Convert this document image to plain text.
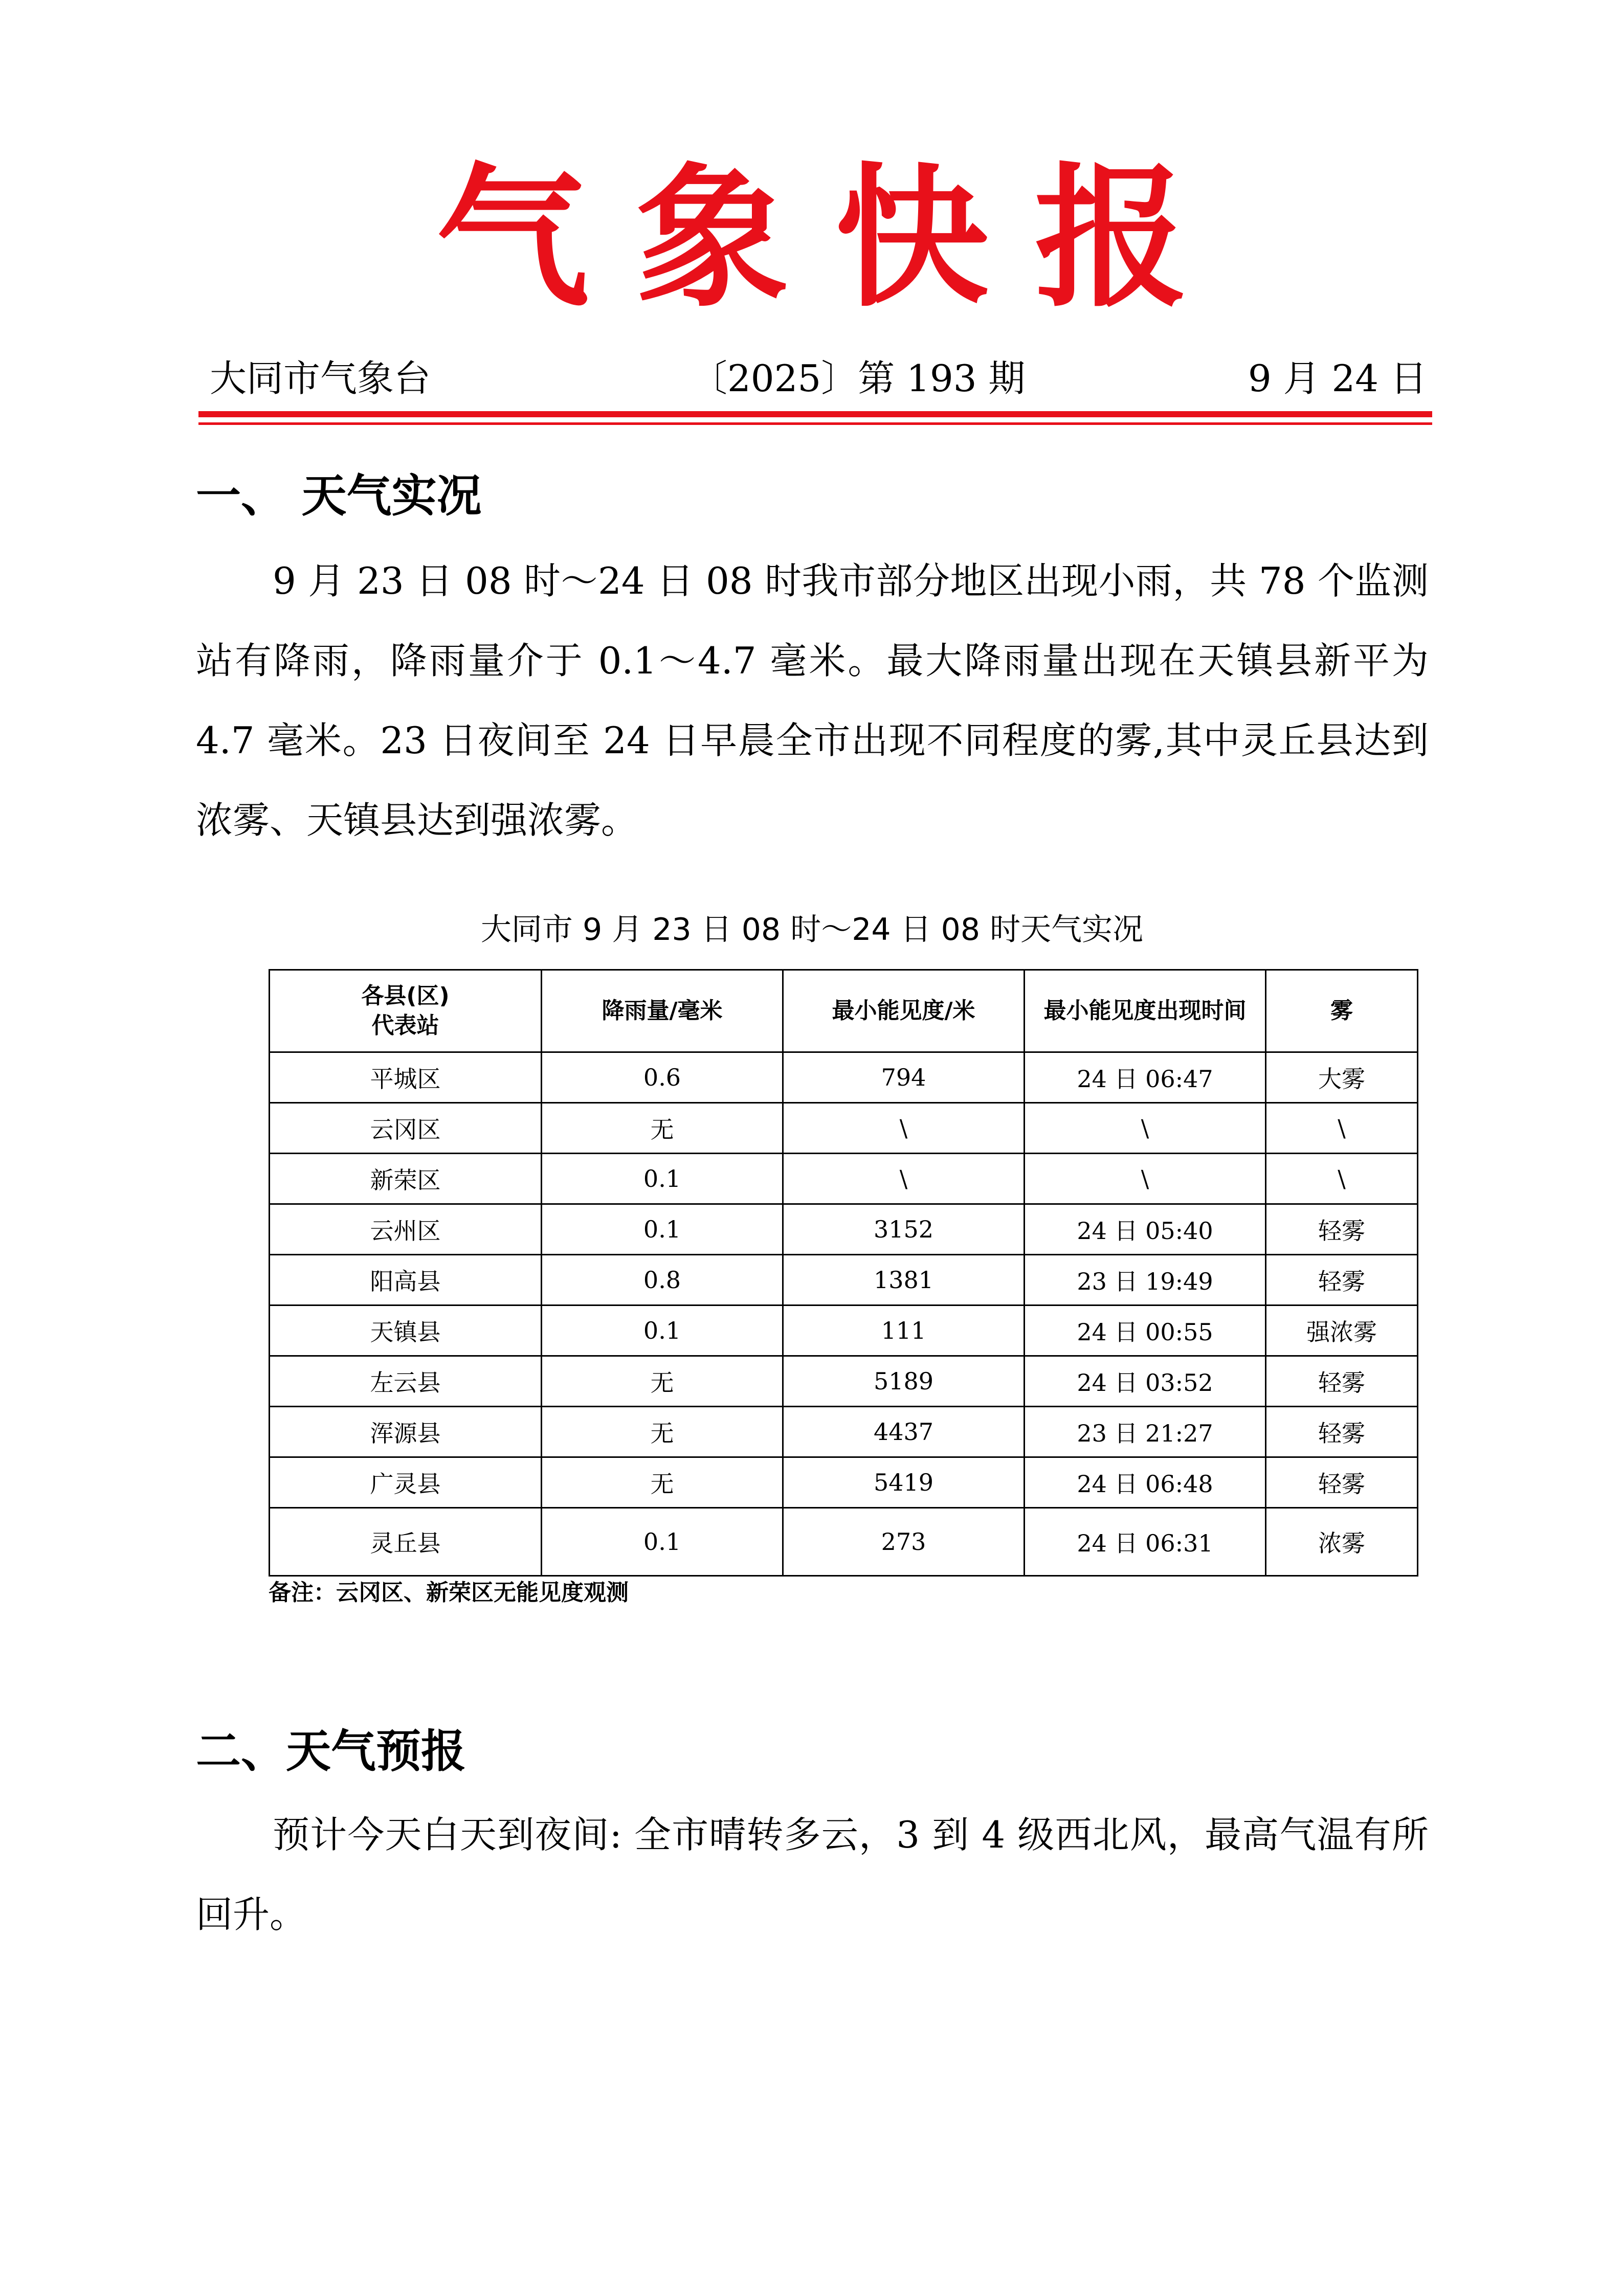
气象快报
大同市气象台	〔2025〕第 193 期	9 月 24 日
一、 天气实况
9 月 23 日 08 时～24 日 08 时我市部分地区出现小雨，共 78 个监测站有降雨，降雨量介于 0.1～4.7 毫米。最大降雨量出现在天镇县新平为 4.7 毫米。23 日夜间至 24 日早晨全市出现不同程度的雾,其中灵丘县达到浓雾、天镇县达到强浓雾。
大同市 9 月 23 日 08 时～24 日 08 时天气实况
各县(区)
代表站	降雨量/毫米	最小能见度/米	最小能见度出现时间	雾
平城区	0.6	794	24 日 06:47	大雾
云冈区	无	\	\	\
新荣区	0.1	\	\	\
云州区	0.1	3152	24 日 05:40	轻雾
阳高县	0.8	1381	23 日 19:49	轻雾
天镇县	0.1	111	24 日 00:55	强浓雾
左云县	无	5189	24 日 03:52	轻雾
浑源县	无	4437	23 日 21:27	轻雾
广灵县	无	5419	24 日 06:48	轻雾
灵丘县	0.1	273	24 日 06:31	浓雾
备注：云冈区、新荣区无能见度观测
二、天气预报
预计今天白天到夜间: 全市晴转多云，3 到 4 级西北风，最高气温有所回升。
